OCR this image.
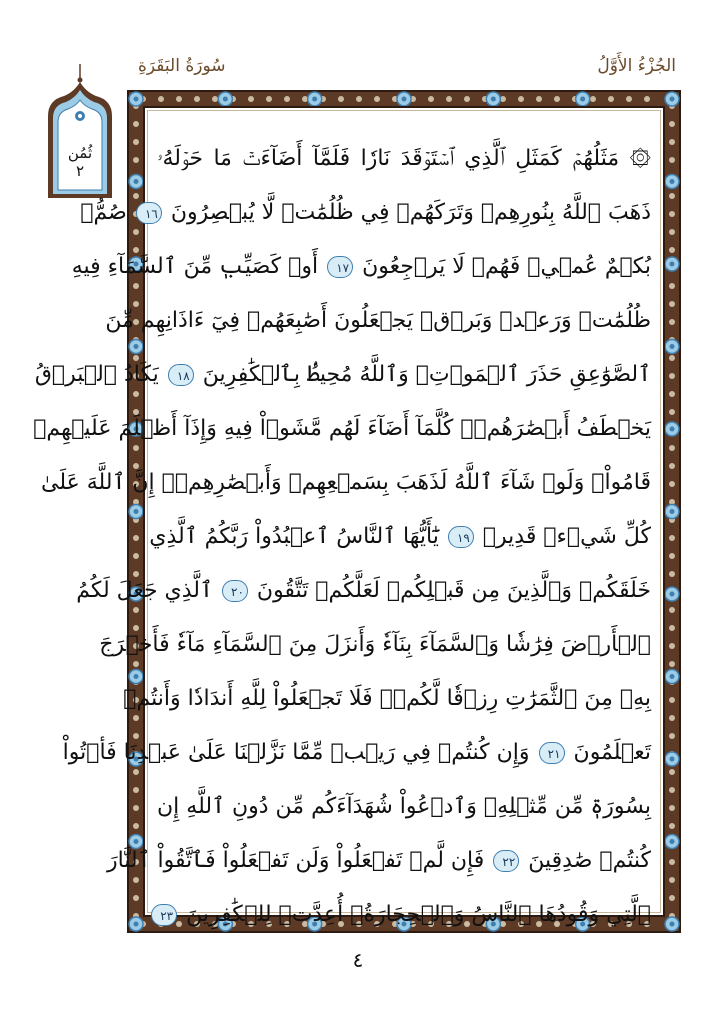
الجُزْءُ الأَوَّلُ
سُورَةُ البَقَرَةِ
ثُمُن
٢	۞ مَثَلُهُمۡ كَمَثَلِ ٱلَّذِي ٱسۡتَوۡقَدَ نَارٗا فَلَمَّآ أَضَآءَتۡ مَا حَوۡلَهُۥ
ذَهَبَ ٱللَّهُ بِنُورِهِمۡ وَتَرَكَهُمۡ فِي ظُلُمَٰتٖ لَّا يُبۡصِرُونَ ١٦ صُمُّۢ
بُكۡمٌ عُمۡيٞ فَهُمۡ لَا يَرۡجِعُونَ ١٧ أَوۡ كَصَيِّبٖ مِّنَ ٱلسَّمَآءِ فِيهِ
ظُلُمَٰتٞ وَرَعۡدٞ وَبَرۡقٞ يَجۡعَلُونَ أَصَٰبِعَهُمۡ فِيٓ ءَاذَانِهِم مِّنَ
ٱلصَّوَٰعِقِ حَذَرَ ٱلۡمَوۡتِۚ وَٱللَّهُ مُحِيطُۢ بِٱلۡكَٰفِرِينَ ١٨ يَكَادُ ٱلۡبَرۡقُ
يَخۡطَفُ أَبۡصَٰرَهُمۡۖ كُلَّمَآ أَضَآءَ لَهُم مَّشَوۡاْ فِيهِ وَإِذَآ أَظۡلَمَ عَلَيۡهِمۡ
قَامُواْۚ وَلَوۡ شَآءَ ٱللَّهُ لَذَهَبَ بِسَمۡعِهِمۡ وَأَبۡصَٰرِهِمۡۚ إِنَّ ٱللَّهَ عَلَىٰ
كُلِّ شَيۡءٖ قَدِيرٞ ١٩ يَٰٓأَيُّهَا ٱلنَّاسُ ٱعۡبُدُواْ رَبَّكُمُ ٱلَّذِي
خَلَقَكُمۡ وَٱلَّذِينَ مِن قَبۡلِكُمۡ لَعَلَّكُمۡ تَتَّقُونَ ٢٠ ٱلَّذِي جَعَلَ لَكُمُ
ٱلۡأَرۡضَ فِرَٰشٗا وَٱلسَّمَآءَ بِنَآءٗ وَأَنزَلَ مِنَ ٱلسَّمَآءِ مَآءٗ فَأَخۡرَجَ
بِهِۦ مِنَ ٱلثَّمَرَٰتِ رِزۡقٗا لَّكُمۡۖ فَلَا تَجۡعَلُواْ لِلَّهِ أَندَادٗا وَأَنتُمۡ
تَعۡلَمُونَ ٢١ وَإِن كُنتُمۡ فِي رَيۡبٖ مِّمَّا نَزَّلۡنَا عَلَىٰ عَبۡدِنَا فَأۡتُواْ
بِسُورَةٖ مِّن مِّثۡلِهِۦ وَٱدۡعُواْ شُهَدَآءَكُم مِّن دُونِ ٱللَّهِ إِن
كُنتُمۡ صَٰدِقِينَ ٢٢ فَإِن لَّمۡ تَفۡعَلُواْ وَلَن تَفۡعَلُواْ فَٱتَّقُواْ ٱلنَّارَ
ٱلَّتِي وَقُودُهَا ٱلنَّاسُ وَٱلۡحِجَارَةُۖ أُعِدَّتۡ لِلۡكَٰفِرِينَ ٢٣
٤
